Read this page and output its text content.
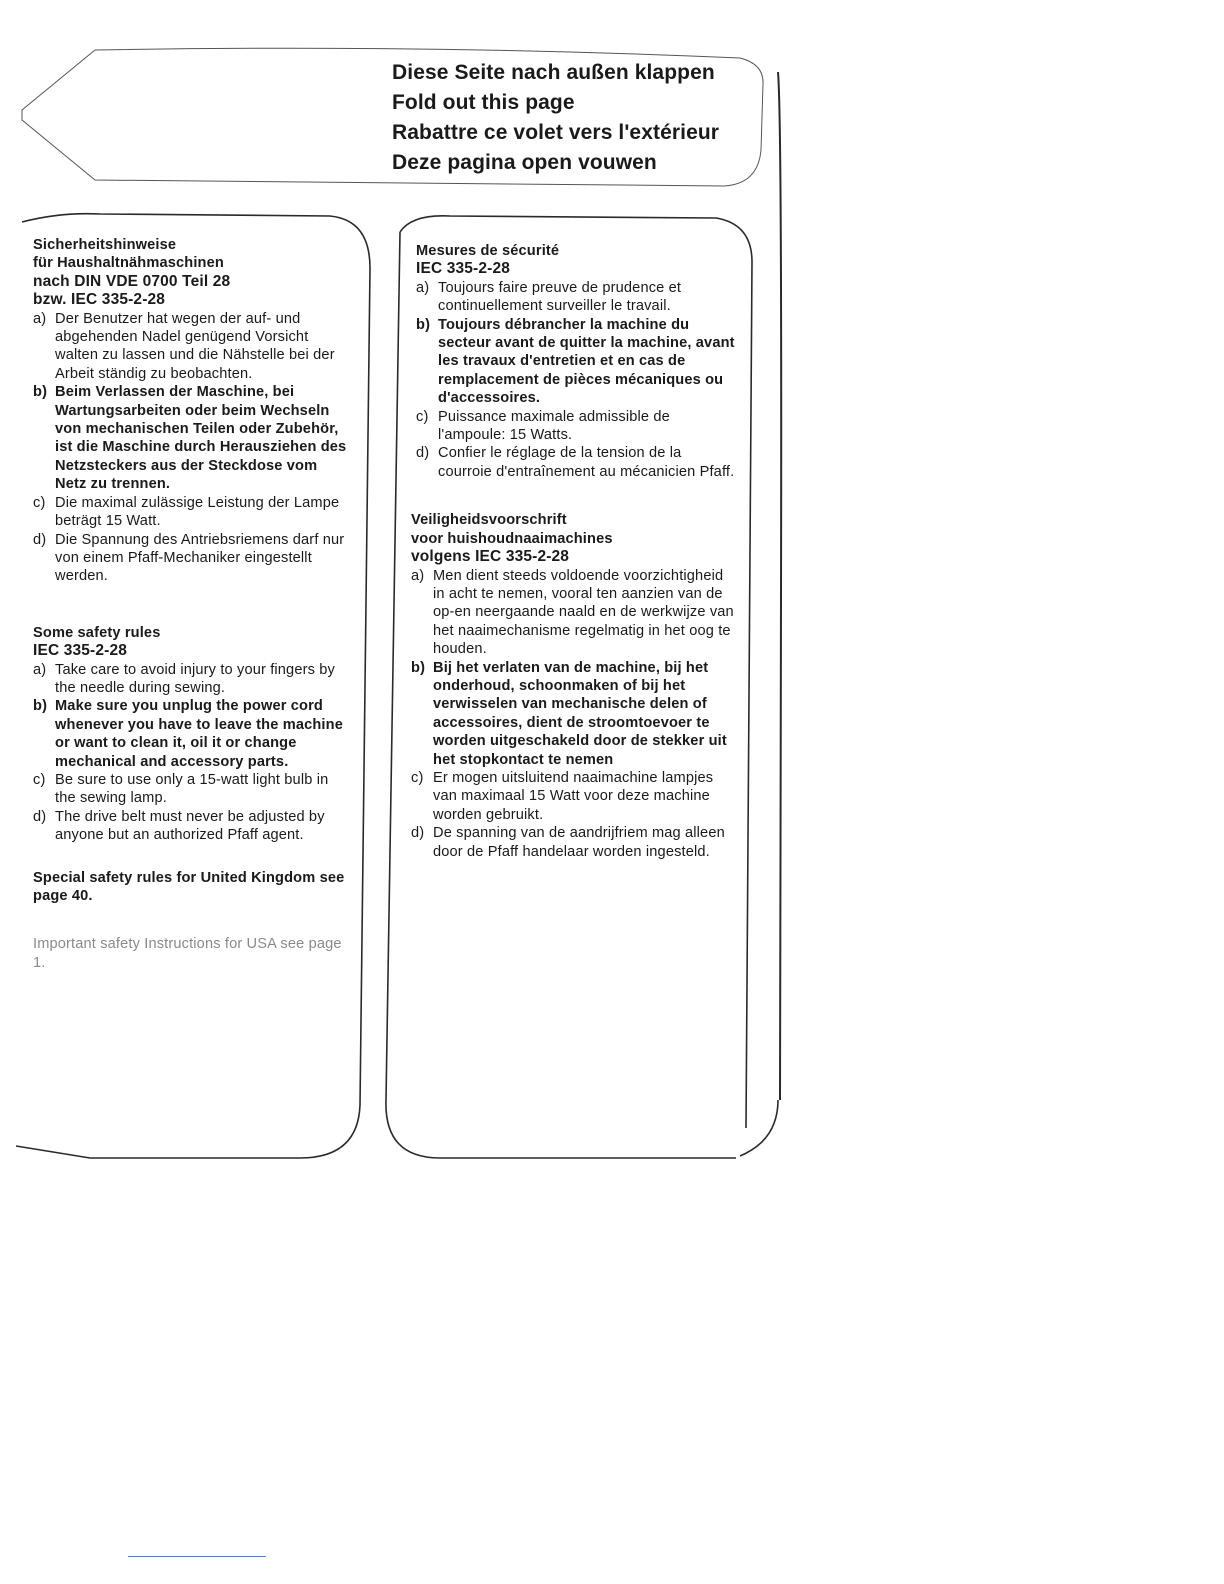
Diese Seite nach außen klappen
Fold out this page
Rabattre ce volet vers l'extérieur
Deze pagina open vouwen
Sicherheitshinweise
für Haushaltnähmaschinen
nach DIN VDE 0700 Teil 28
bzw. IEC 335-2-28
a) Der Benutzer hat wegen der auf- und abgehenden Nadel genügend Vorsicht walten zu lassen und die Nähstelle bei der Arbeit ständig zu beobachten.
b) Beim Verlassen der Maschine, bei Wartungsarbeiten oder beim Wechseln von mechanischen Teilen oder Zubehör, ist die Maschine durch Herausziehen des Netzsteckers aus der Steckdose vom Netz zu trennen.
c) Die maximal zulässige Leistung der Lampe beträgt 15 Watt.
d) Die Spannung des Antriebsriemens darf nur von einem Pfaff-Mechaniker eingestellt werden.
Some safety rules
IEC 335-2-28
a) Take care to avoid injury to your fingers by the needle during sewing.
b) Make sure you unplug the power cord whenever you have to leave the machine or want to clean it, oil it or change mechanical and accessory parts.
c) Be sure to use only a 15-watt light bulb in the sewing lamp.
d) The drive belt must never be adjusted by anyone but an authorized Pfaff agent.
Special safety rules for United Kingdom see page 40.
Important safety Instructions for USA see page 1.
Mesures de sécurité
IEC 335-2-28
a) Toujours faire preuve de prudence et continuellement surveiller le travail.
b) Toujours débrancher la machine du secteur avant de quitter la machine, avant les travaux d'entretien et en cas de remplacement de pièces mécaniques ou d'accessoires.
c) Puissance maximale admissible de l'ampoule: 15 Watts.
d) Confier le réglage de la tension de la courroie d'entraînement au mécanicien Pfaff.
Veiligheidsvoorschrift
voor huishoudnaaimachines
volgens IEC 335-2-28
a) Men dient steeds voldoende voorzichtigheid in acht te nemen, vooral ten aanzien van de op-en neergaande naald en de werkwijze van het naaimechanisme regelmatig in het oog te houden.
b) Bij het verlaten van de machine, bij het onderhoud, schoonmaken of bij het verwisselen van mechanische delen of accessoires, dient de stroomtoevoer te worden uitgeschakeld door de stekker uit het stopkontact te nemen
c) Er mogen uitsluitend naaimachine lampjes van maximaal 15 Watt voor deze machine worden gebruikt.
d) De spanning van de aandrijfriem mag alleen door de Pfaff handelaar worden ingesteld.
